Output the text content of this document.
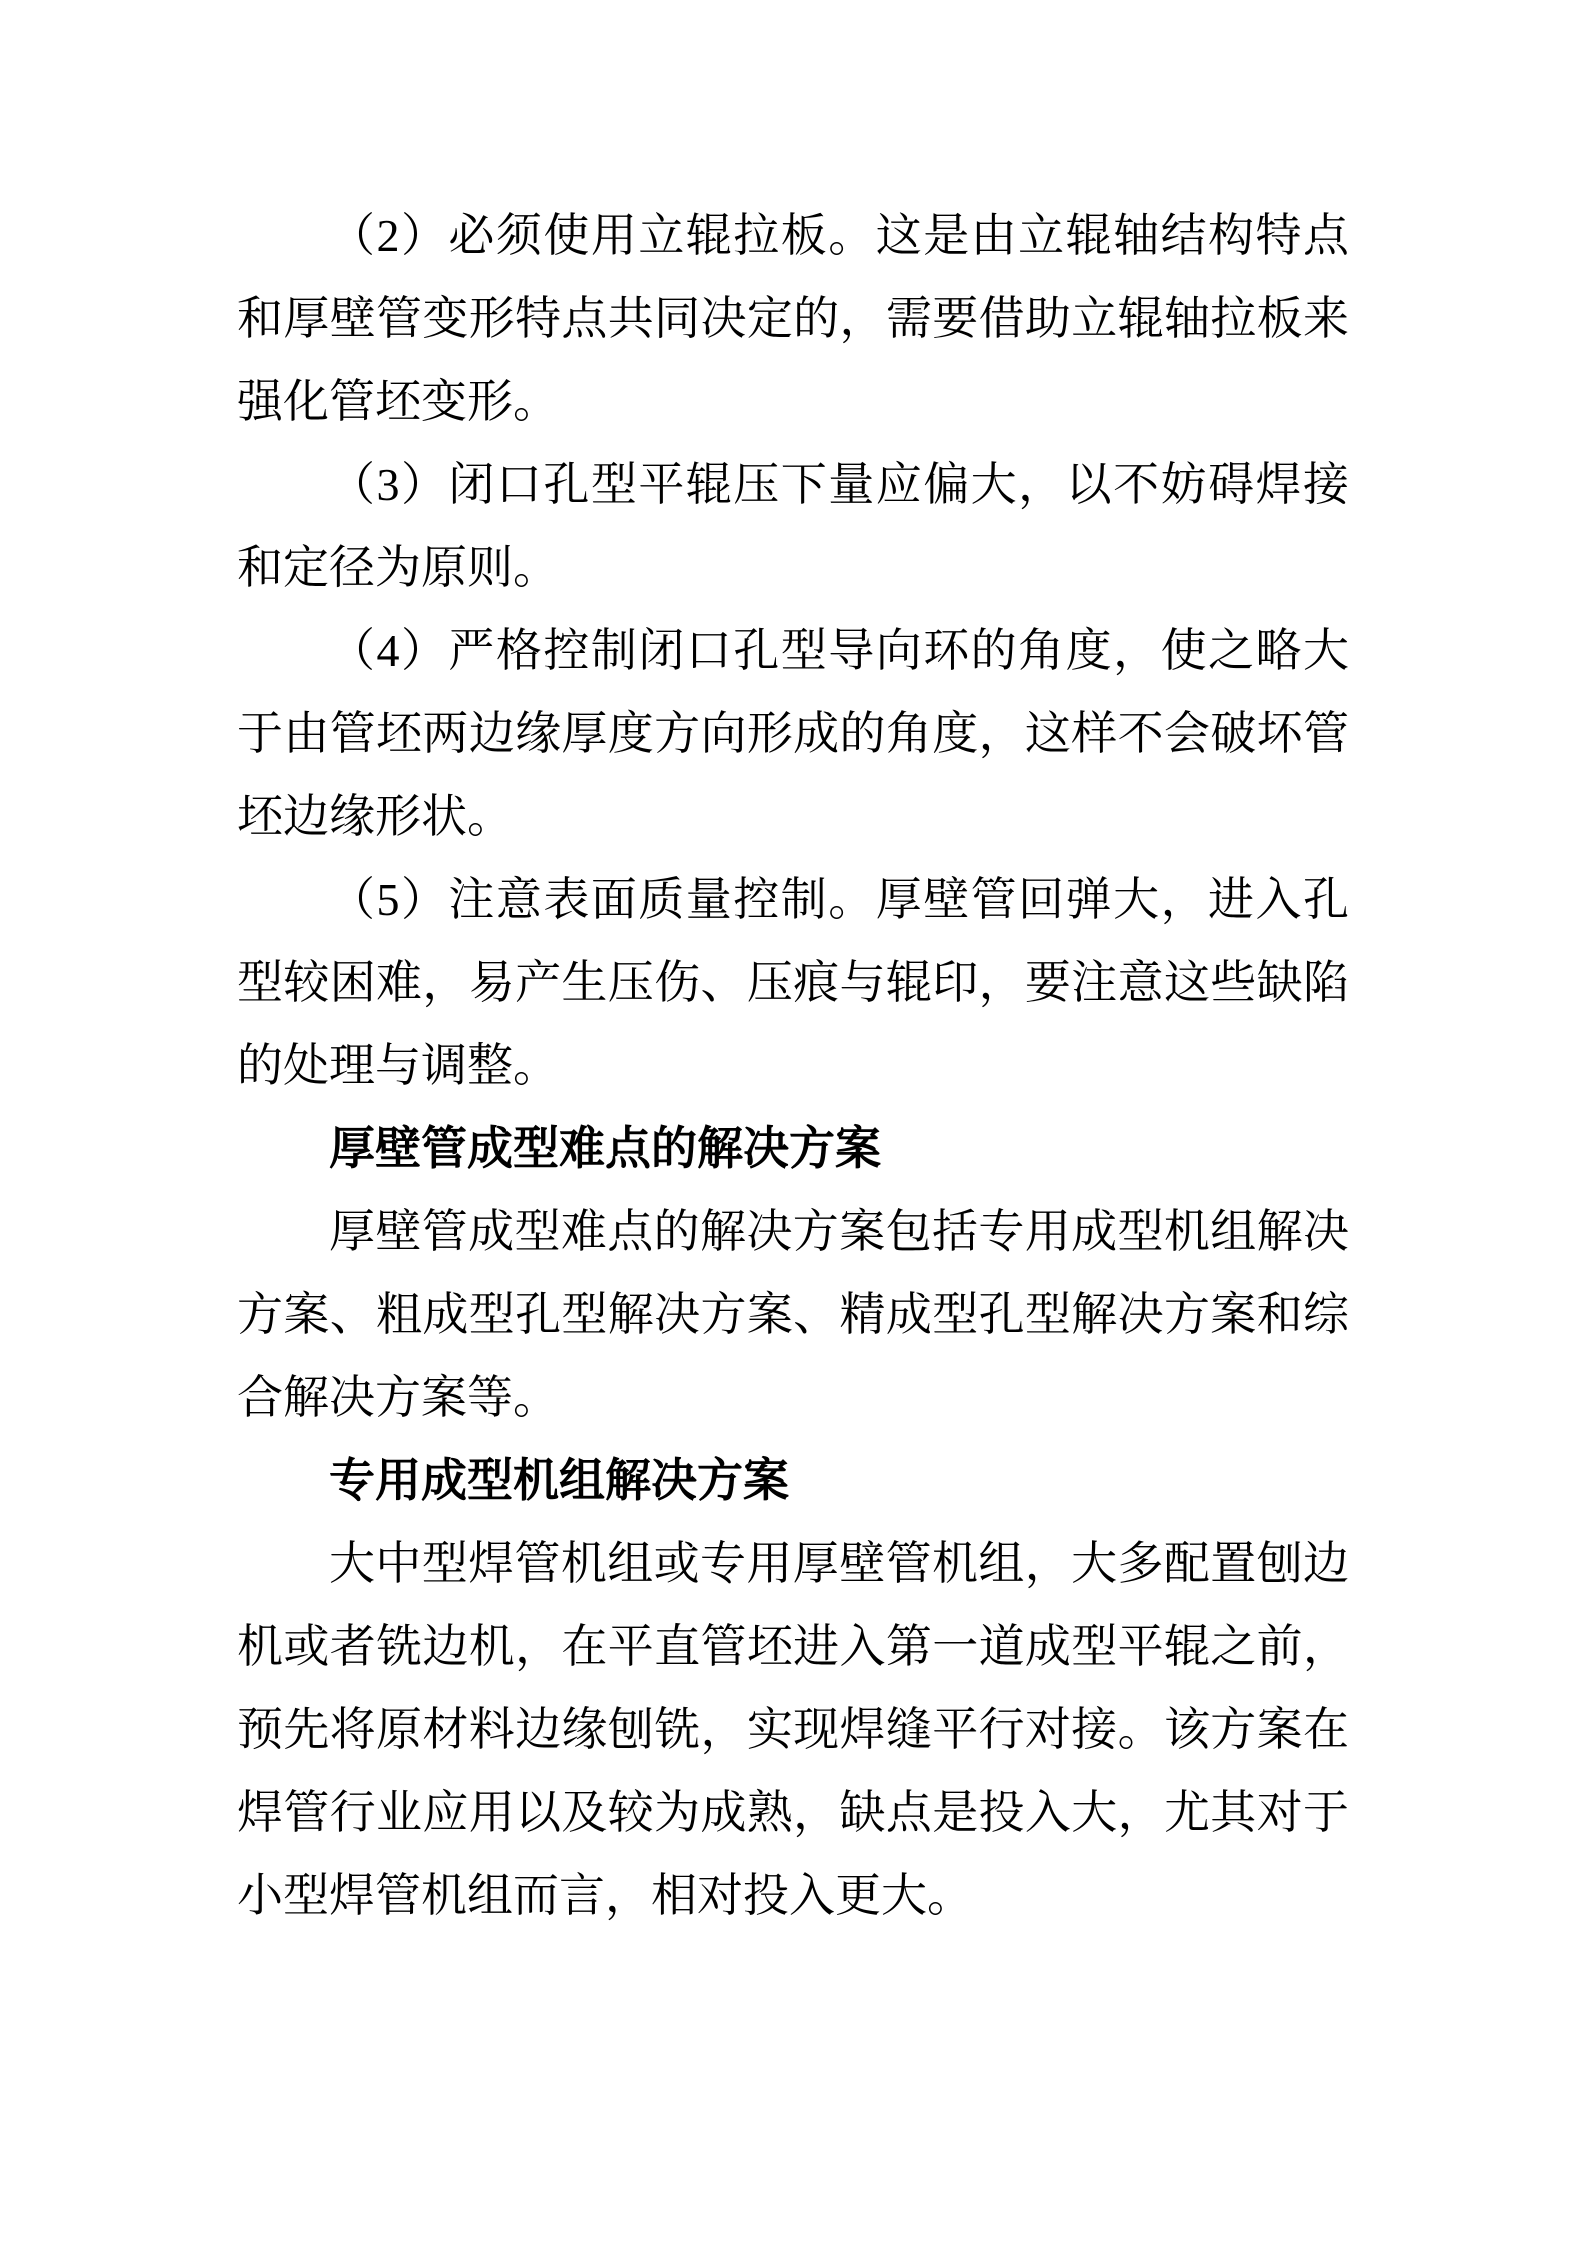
（2）必须使用立辊拉板。这是由立辊轴结构特点和厚壁管变形特点共同决定的，需要借助立辊轴拉板来强化管坯变形。

（3）闭口孔型平辊压下量应偏大，以不妨碍焊接和定径为原则。

（4）严格控制闭口孔型导向环的角度，使之略大于由管坯两边缘厚度方向形成的角度，这样不会破坏管坯边缘形状。

（5）注意表面质量控制。厚壁管回弹大，进入孔型较困难，易产生压伤、压痕与辊印，要注意这些缺陷的处理与调整。

厚壁管成型难点的解决方案

厚壁管成型难点的解决方案包括专用成型机组解决方案、粗成型孔型解决方案、精成型孔型解决方案和综合解决方案等。

专用成型机组解决方案

大中型焊管机组或专用厚壁管机组，大多配置刨边机或者铣边机，在平直管坯进入第一道成型平辊之前，预先将原材料边缘刨铣，实现焊缝平行对接。该方案在焊管行业应用以及较为成熟，缺点是投入大，尤其对于小型焊管机组而言，相对投入更大。
